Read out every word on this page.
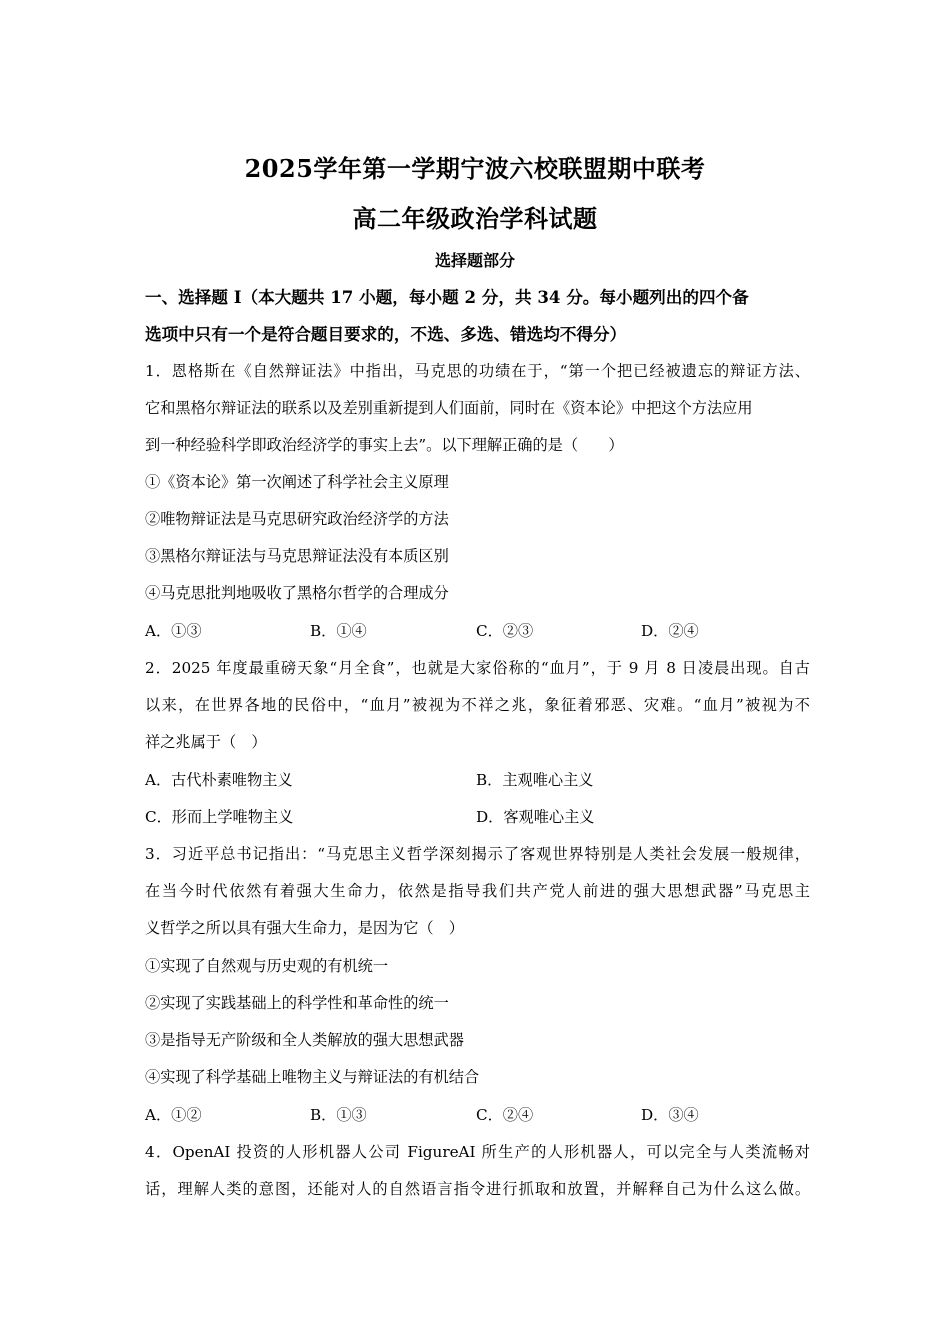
2025学年第一学期宁波六校联盟期中联考
高二年级政治学科试题
选择题部分
一、选择题 I（本大题共 17 小题，每小题 2 分，共 34 分。每小题列出的四个备
选项中只有一个是符合题目要求的，不选、多选、错选均不得分）
1．恩格斯在《自然辩证法》中指出，马克思的功绩在于，“第一个把已经被遗忘的辩证方法、
它和黑格尔辩证法的联系以及差别重新提到人们面前，同时在《资本论》中把这个方法应用
到一种经验科学即政治经济学的事实上去”。以下理解正确的是（　　）
①《资本论》第一次阐述了科学社会主义原理
②唯物辩证法是马克思研究政治经济学的方法
③黑格尔辩证法与马克思辩证法没有本质区别
④马克思批判地吸收了黑格尔哲学的合理成分
A．①③	B．①④	C．②③	D．②④
2．2025 年度最重磅天象“月全食”，也就是大家俗称的“血月”，于 9 月 8 日凌晨出现。自古
以来，在世界各地的民俗中，“血月”被视为不祥之兆，象征着邪恶、灾难。“血月”被视为不
祥之兆属于（　）
A．古代朴素唯物主义	B．主观唯心主义
C．形而上学唯物主义	D．客观唯心主义
3．习近平总书记指出：“马克思主义哲学深刻揭示了客观世界特别是人类社会发展一般规律，
在当今时代依然有着强大生命力，依然是指导我们共产党人前进的强大思想武器”马克思主
义哲学之所以具有强大生命力，是因为它（　）
①实现了自然观与历史观的有机统一
②实现了实践基础上的科学性和革命性的统一
③是指导无产阶级和全人类解放的强大思想武器
④实现了科学基础上唯物主义与辩证法的有机结合
A．①②	B．①③	C．②④	D．③④
4．OpenAI 投资的人形机器人公司 FigureAI 所生产的人形机器人，可以完全与人类流畅对
话，理解人类的意图，还能对人的自然语言指令进行抓取和放置，并解释自己为什么这么做。
